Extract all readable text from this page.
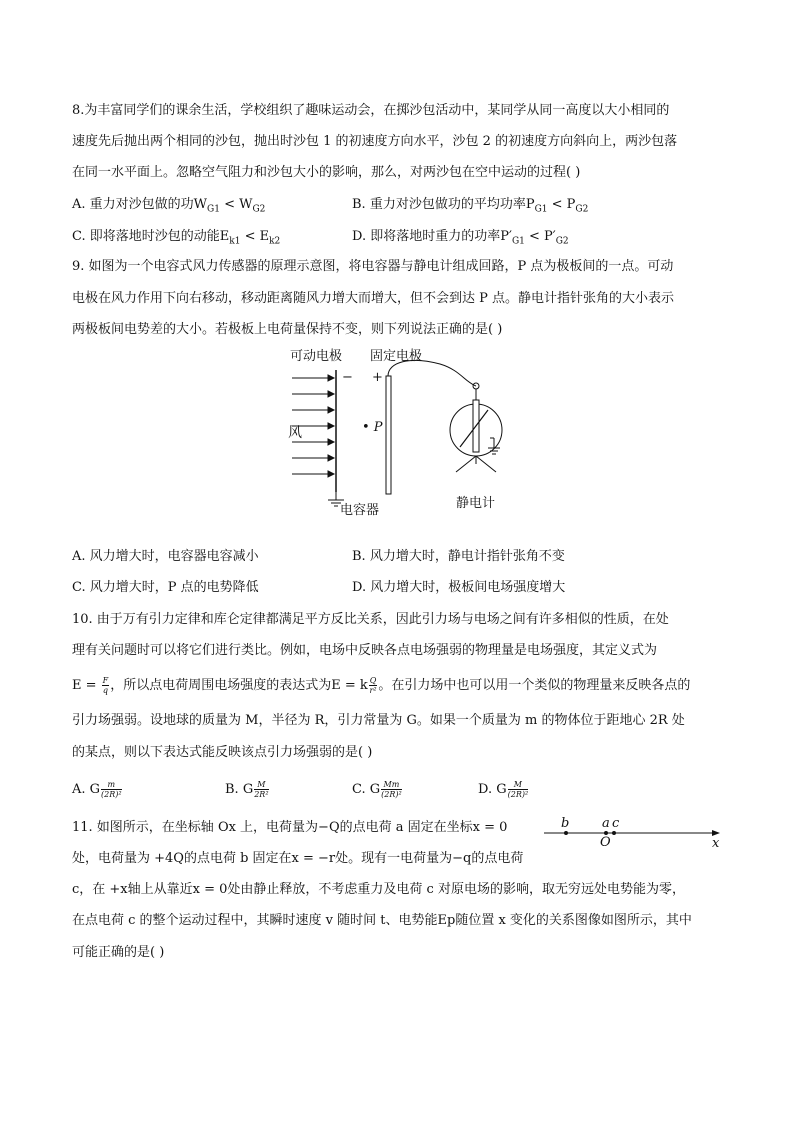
8.为丰富同学们的课余生活，学校组织了趣味运动会，在掷沙包活动中，某同学从同一高度以大小相同的
速度先后抛出两个相同的沙包，抛出时沙包 1 的初速度方向水平，沙包 2 的初速度方向斜向上，两沙包落
在同一水平面上。忽略空气阻力和沙包大小的影响，那么，对两沙包在空中运动的过程( )
A. 重力对沙包做的功$W_{G1} < W_{G2}$	B. 重力对沙包做功的平均功率$P_{G1} < P_{G2}$
C. 即将落地时沙包的动能$E_{k1} < E_{k2}$	D. 即将落地时重力的功率$P'_{G1} < P'_{G2}$
9. 如图为一个电容式风力传感器的原理示意图，将电容器与静电计组成回路，P 点为极板间的一点。可动
电极在风力作用下向右移动，移动距离随风力增大而增大，但不会到达 P 点。静电计指针张角的大小表示
两极板间电势差的大小。若极板上电荷量保持不变，则下列说法正确的是( )
可动电极 固定电极
− +
风	• P
电容器	静电计
A. 风力增大时，电容器电容减小	B. 风力增大时，静电计指针张角不变
C. 风力增大时，P 点的电势降低	D. 风力增大时，极板间电场强度增大
10. 由于万有引力定律和库仑定律都满足平方反比关系，因此引力场与电场之间有许多相似的性质，在处
理有关问题时可以将它们进行类比。例如，电场中反映各点电场强弱的物理量是电场强度，其定义式为
$E = \frac{F}{q}$ ，所以点电荷周围电场强度的表达式为E = k $\frac{Q}{\text{r²}}$ 。在引力场中也可以用一个类似的物理量来反映各点的
引力场强弱。设地球的质量为 M，半径为 R，引力常量为 G。如果一个质量为 m 的物体位于距地心 2R 处
的某点，则以下表达式能反映该点引力场强弱的是( )
A. G $\frac{m}{\text{(2R)²}}$	B. G $\frac{M}{\text{2R²}}$	C. G $\frac{Mm}{\text{(2R)²}}$	D. G $\frac{M}{\text{(2R)²}}$
11. 如图所示，在坐标轴 Ox 上，电荷量为−Q的点电荷 a 固定在坐标x = 0
处，电荷量为 +4Q的点电荷 b 固定在x = −r处。现有一电荷量为−q的点电荷
c，在 +x轴上从靠近x = 0处由静止释放，不考虑重力及电荷 c 对原电场的影响，取无穷远处电势能为零，
在点电荷 c 的整个运动过程中，其瞬时速度 v 随时间 t、电势能Ep随位置 x 变化的关系图像如图所示，其中
可能正确的是( )
b	a c
O	x
